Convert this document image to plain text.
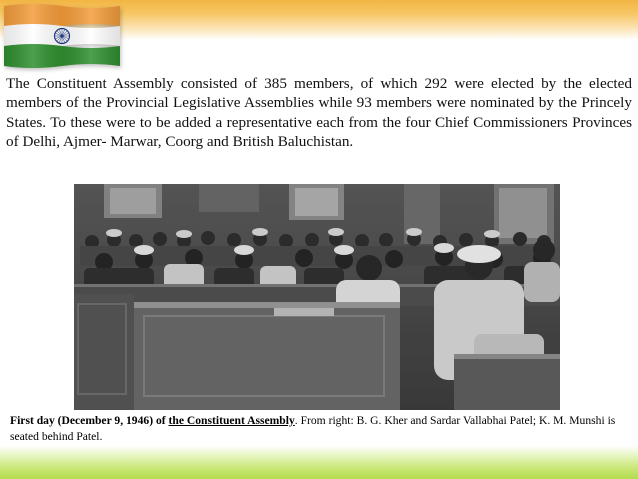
The Constituent Assembly consisted of 385 members, of which 292 were elected by the elected members of the Provincial Legislative Assemblies while 93 members were nominated by the Princely States. To these were to be added a representative each from the four Chief Commissioners Provinces of Delhi, Ajmer- Marwar, Coorg and British Baluchistan.

First day (December 9, 1946) of the Constituent Assembly. From right: B. G. Kher and Sardar Vallabhai Patel; K. M. Munshi is seated behind Patel.
